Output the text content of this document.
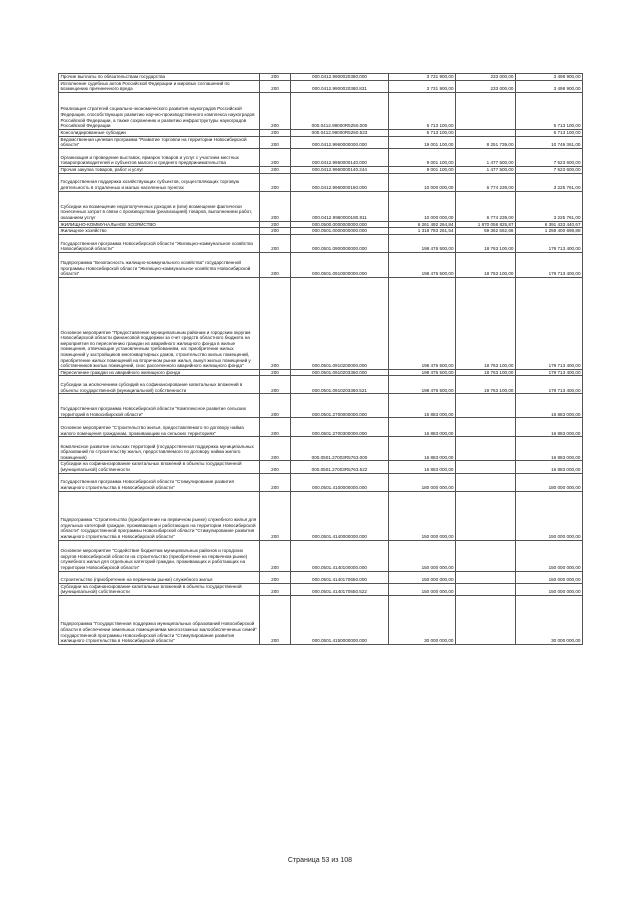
Прочие выплаты по обязательствам государства	200	000.0412.9900020380.000	3 731 900,00	233 000,00	3 498 900,00
Исполнение судебных актов Российской Федерации и мировых соглашений по возмещению причиненного вреда	200	000.0412.9900020380.831	3 731 900,00	233 000,00	3 498 900,00
Реализация стратегий социально-экономического развития наукоградов Российской Федерации, способствующих развитию научно-производственного комплекса наукоградов Российской Федерации, а также сохранению и развитию инфраструктуры наукоградов Российской Федерации	200	000.0412.99000R5250.000	5 713 100,00		5 713 100,00
Консолидированные субсидии	200	000.0412.99000R5250.523	5 713 100,00		5 713 100,00
Ведомственная целевая программа "Развитие торговли на территории Новосибирской области"	200	000.0412.9960000000.000	19 001 100,00	8 251 739,00	10 749 361,00
Организация и проведение выставок, ярмарок товаров и услуг с участием местных товаропроизводителей и субъектов малого и среднего предпринимательства	200	000.0412.9960000140.000	9 001 100,00	1 477 500,00	7 523 600,00
Прочая закупка товаров, работ и услуг	200	000.0412.9960000140.244	9 001 100,00	1 477 500,00	7 523 600,00
Государственная поддержка хозяйствующих субъектов, осуществляющих торговую деятельность в отдаленных и малых населенных пунктах	200	000.0412.9960000180.000	10 000 000,00	6 774 239,00	3 225 761,00
Субсидии на возмещение недополученных доходов и (или) возмещение фактически понесенных затрат в связи с производством (реализацией) товаров, выполнением работ, оказанием услуг	200	000.0412.9960000180.811	10 000 000,00	6 774 239,00	3 225 761,00
ЖИЛИЩНО-КОММУНАЛЬНОЕ ХОЗЯЙСТВО	200	000.0500.0000000000.000	6 261 492 264,84	1 870 058 825,87	6 391 433 440,67
Жилищное хозяйство	200	000.0501.0000000000.000	1 318 783 261,54	59 362 562,66	1 259 400 698,88
Государственная программа Новосибирской области "Жилищно-коммунальное хозяйство Новосибирской области"	200	000.0501.0900000000.000	198 476 500,00	18 763 100,00	179 713 400,00
Подпрограмма "Безопасность жилищно-коммунального хозяйства" государственной программы Новосибирской области "Жилищно-коммунальное хозяйство Новосибирской области"	200	000.0501.0910000000.000	198 476 500,00	18 763 100,00	179 713 400,00
Основное мероприятие "Предоставление муниципальным районам и городским округам Новосибирской области финансовой поддержки за счет средств областного бюджета на мероприятия по переселению граждан из аварийного жилищного фонда в жилые помещения, отвечающие установленным требованиям, на: приобретение жилых помещений у застройщиков многоквартирных домов, строительство жилых помещений, приобретение жилых помещений на вторичном рынке жилья, выкуп жилых помещений у собственников жилых помещений, снос расселенного аварийного жилищного фонда"	200	000.0501.0910200000.000	198 476 500,00	18 763 100,00	179 713 400,00
Переселение граждан из аварийного жилищного фонда	200	000.0501.0910203360.000	198 476 500,00	18 763 100,00	179 713 400,00
Субсидии за исключением субсидий на софинансирование капитальных вложений в объекты государственной (муниципальной) собственности	200	000.0501.0910203360.521	198 476 500,00	18 763 100,00	179 713 400,00
Государственная программа Новосибирской области "Комплексное развитие сельских территорий в Новосибирской области"	200	000.0501.2700000000.000	16 883 000,00		16 883 000,00
Основное мероприятие "Строительство жилья, предоставляемого по договору найма жилого помещения гражданам, проживающим на сельских территориях"	200	000.0501.2700300000.000	16 883 000,00		16 883 000,00
Комплексное развитие сельских территорий (государственная поддержка муниципальных образований по строительству жилья, предоставляемого по договору найма жилого помещения)	200	000.0501.27003R5763.000	16 883 000,00		16 883 000,00
Субсидии на софинансирование капитальных вложений в объекты государственной (муниципальной) собственности	200	000.0501.27003R5763.522	16 883 000,00		16 883 000,00
Государственная программа Новосибирской области "Стимулирование развития жилищного строительства в Новосибирской области"	200	000.0501.4100000000.000	180 000 000,00		180 000 000,00
Подпрограмма "Строительство (приобретение на первичном рынке) служебного жилья для отдельных категорий граждан, проживающих и работающих на территории Новосибирской области" государственной программы Новосибирской области "Стимулирование развития жилищного строительства в Новосибирской области"	200	000.0501.4140000000.000	150 000 000,00		150 000 000,00
Основное мероприятие "Содействие бюджетам муниципальных районов и городских округов Новосибирской области на строительство (приобретение на первичном рынке) служебного жилья для отдельных категорий граждан, проживающих и работающих на территории Новосибирской области"	200	000.0501.4140100000.000	150 000 000,00		150 000 000,00
Строительство (приобретение на первичном рынке) служебного жилья	200	000.0501.4140170650.000	150 000 000,00		150 000 000,00
Субсидии на софинансирование капитальных вложений в объекты государственной (муниципальной) собственности	200	000.0501.4140170650.522	150 000 000,00		150 000 000,00
Подпрограмма "Государственная поддержка муниципальных образований Новосибирской области в обеспечении земельных помещениями многоэтажных малообеспеченных семей" государственной программы Новосибирской области "Стимулирование развития жилищного строительства в Новосибирской области"	200	000.0501.4150000000.000	30 000 000,00		30 000 000,00
Страница 53 из 108
